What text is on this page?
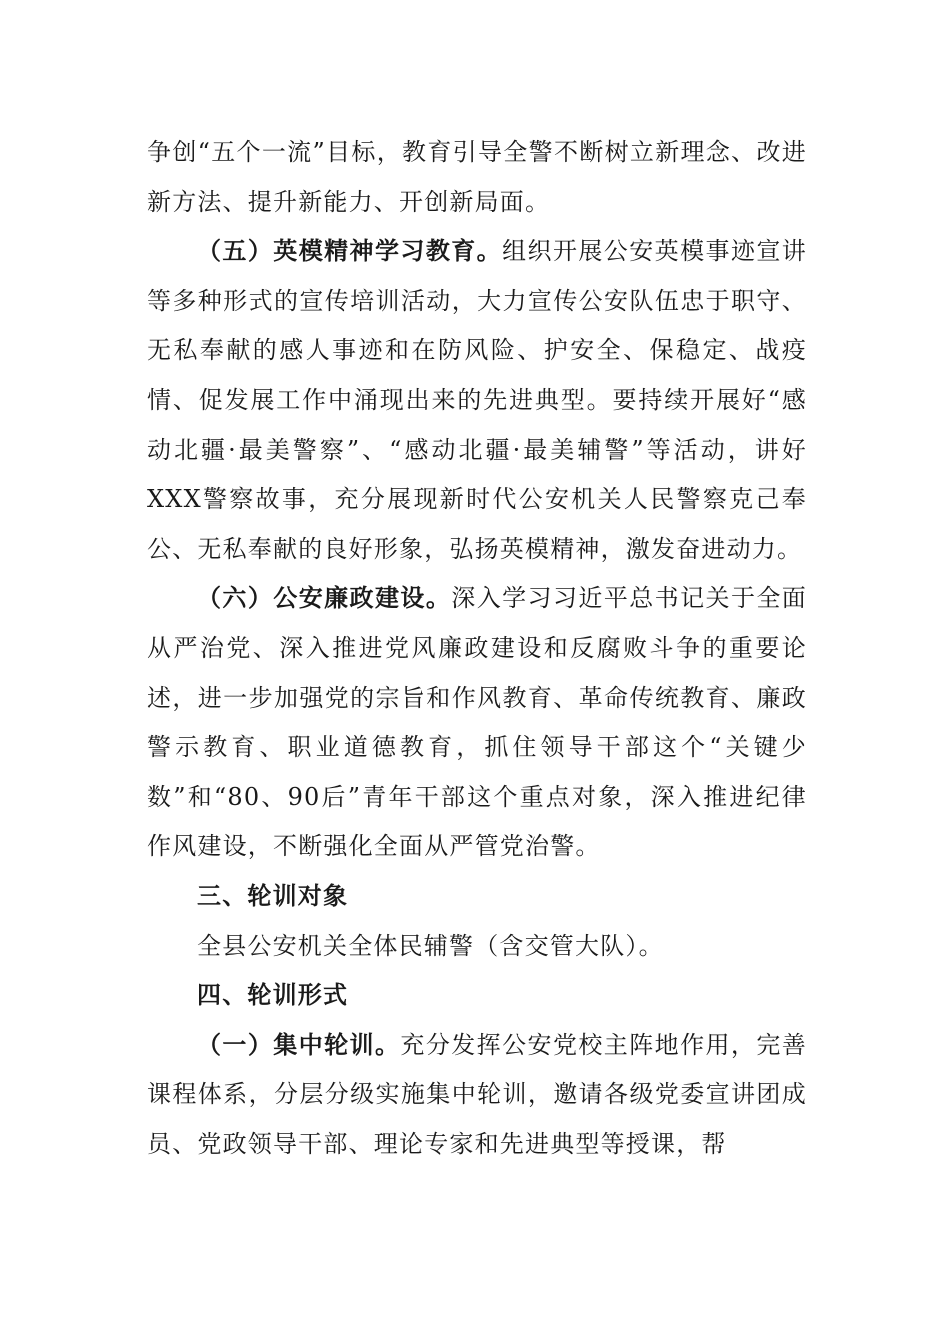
争创“五个一流”目标，教育引导全警不断树立新理念、改进新方法、提升新能力、开创新局面。

（五）英模精神学习教育。组织开展公安英模事迹宣讲等多种形式的宣传培训活动，大力宣传公安队伍忠于职守、无私奉献的感人事迹和在防风险、护安全、保稳定、战疫情、促发展工作中涌现出来的先进典型。要持续开展好“感动北疆·最美警察”、“感动北疆·最美辅警”等活动，讲好XXX警察故事，充分展现新时代公安机关人民警察克己奉公、无私奉献的良好形象，弘扬英模精神，激发奋进动力。

（六）公安廉政建设。深入学习习近平总书记关于全面从严治党、深入推进党风廉政建设和反腐败斗争的重要论述，进一步加强党的宗旨和作风教育、革命传统教育、廉政警示教育、职业道德教育，抓住领导干部这个“关键少数”和“80、90后”青年干部这个重点对象，深入推进纪律作风建设，不断强化全面从严管党治警。

三、轮训对象

全县公安机关全体民辅警（含交管大队）。

四、轮训形式

（一）集中轮训。充分发挥公安党校主阵地作用，完善课程体系，分层分级实施集中轮训，邀请各级党委宣讲团成员、党政领导干部、理论专家和先进典型等授课，帮
